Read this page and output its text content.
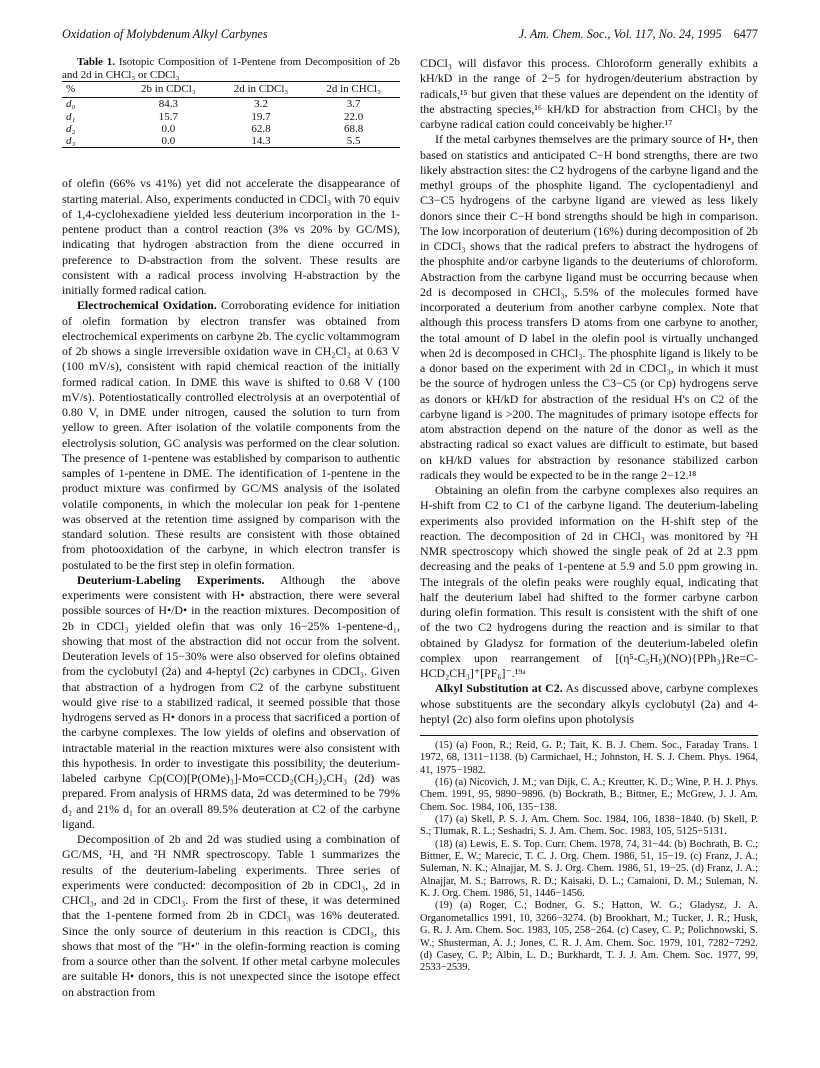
Oxidation of Molybdenum Alkyl Carbynes	J. Am. Chem. Soc., Vol. 117, No. 24, 1995 6477

Table 1. Isotopic Composition of 1-Pentene from Decomposition of 2b and 2d in CHCl₃ or CDCl₃

%	2b in CDCl₃	2d in CDCl₃	2d in CHCl₃
d₀	84.3	3.2	3.7
d₁	15.7	19.7	22.0
d₂	0.0	62.8	68.8
d₃	0.0	14.3	5.5

of olefin (66% vs 41%) yet did not accelerate the disappearance of starting material. Also, experiments conducted in CDCl₃ with 70 equiv of 1,4-cyclohexadiene yielded less deuterium incorporation in the 1-pentene product than a control reaction (3% vs 20% by GC/MS), indicating that hydrogen abstraction from the diene occurred in preference to D-abstraction from the solvent. These results are consistent with a radical process involving H-abstraction by the initially formed radical cation.

Electrochemical Oxidation. Corroborating evidence for initiation of olefin formation by electron transfer was obtained from electrochemical experiments on carbyne 2b. The cyclic voltammogram of 2b shows a single irreversible oxidation wave in CH₂Cl₂ at 0.63 V (100 mV/s), consistent with rapid chemical reaction of the initially formed radical cation. In DME this wave is shifted to 0.68 V (100 mV/s). Potentiostatically controlled electrolysis at an overpotential of 0.80 V, in DME under nitrogen, caused the solution to turn from yellow to green. After isolation of the volatile components from the electrolysis solution, GC analysis was performed on the clear solution. The presence of 1-pentene was established by comparison to authentic samples of 1-pentene in DME. The identification of 1-pentene in the product mixture was confirmed by GC/MS analysis of the isolated volatile components, in which the molecular ion peak for 1-pentene was observed at the retention time assigned by comparison with the standard solution. These results are consistent with those obtained from photooxidation of the carbyne, in which electron transfer is postulated to be the first step in olefin formation.

Deuterium-Labeling Experiments. Although the above experiments were consistent with H• abstraction, there were several possible sources of H•/D• in the reaction mixtures. Decomposition of 2b in CDCl₃ yielded olefin that was only 16−25% 1-pentene-d₁, showing that most of the abstraction did not occur from the solvent. Deuteration levels of 15−30% were also observed for olefins obtained from the cyclobutyl (2a) and 4-heptyl (2c) carbynes in CDCl₃. Given that abstraction of a hydrogen from C2 of the carbyne substituent would give rise to a stabilized radical, it seemed possible that those hydrogens served as H• donors in a process that sacrificed a portion of the carbyne complexes. The low yields of olefins and observation of intractable material in the reaction mixtures were also consistent with this hypothesis. In order to investigate this possibility, the deuterium-labeled carbyne Cp(CO)[P(OMe)₃]-Mo≡CCD₂(CH₂)₂CH₃ (2d) was prepared. From analysis of HRMS data, 2d was determined to be 79% d₂ and 21% d₁ for an overall 89.5% deuteration at C2 of the carbyne ligand.

Decomposition of 2b and 2d was studied using a combination of GC/MS, ¹H, and ²H NMR spectroscopy. Table 1 summarizes the results of the deuterium-labeling experiments. Three series of experiments were conducted: decomposition of 2b in CDCl₃, 2d in CHCl₃, and 2d in CDCl₃. From the first of these, it was determined that the 1-pentene formed from 2b in CDCl₃ was 16% deuterated. Since the only source of deuterium in this reaction is CDCl₃, this shows that most of the "H•" in the olefin-forming reaction is coming from a source other than the solvent. If other metal carbyne molecules are suitable H• donors, this is not unexpected since the isotope effect on abstraction from

CDCl₃ will disfavor this process. Chloroform generally exhibits a kH/kD in the range of 2−5 for hydrogen/deuterium abstraction by radicals,¹⁵ but given that these values are dependent on the identity of the abstracting species,¹⁶ kH/kD for abstraction from CHCl₃ by the carbyne radical cation could conceivably be higher.¹⁷

If the metal carbynes themselves are the primary source of H•, then based on statistics and anticipated C−H bond strengths, there are two likely abstraction sites: the C2 hydrogens of the carbyne ligand and the methyl groups of the phosphite ligand. The cyclopentadienyl and C3−C5 hydrogens of the carbyne ligand are viewed as less likely donors since their C−H bond strengths should be high in comparison. The low incorporation of deuterium (16%) during decomposition of 2b in CDCl₃ shows that the radical prefers to abstract the hydrogens of the phosphite and/or carbyne ligands to the deuteriums of chloroform. Abstraction from the carbyne ligand must be occurring because when 2d is decomposed in CHCl₃, 5.5% of the molecules formed have incorporated a deuterium from another carbyne complex. Note that although this process transfers D atoms from one carbyne to another, the total amount of D label in the olefin pool is virtually unchanged when 2d is decomposed in CHCl₃. The phosphite ligand is likely to be a donor based on the experiment with 2d in CDCl₃, in which it must be the source of hydrogen unless the C3−C5 (or Cp) hydrogens serve as donors or kH/kD for abstraction of the residual H's on C2 of the carbyne ligand is >200. The magnitudes of primary isotope effects for atom abstraction depend on the nature of the donor as well as the abstracting radical so exact values are difficult to estimate, but based on kH/kD values for abstraction by resonance stabilized carbon radicals they would be expected to be in the range 2−12.¹⁸

Obtaining an olefin from the carbyne complexes also requires an H-shift from C2 to C1 of the carbyne ligand. The deuterium-labeling experiments also provided information on the H-shift step of the reaction. The decomposition of 2d in CHCl₃ was monitored by ²H NMR spectroscopy which showed the single peak of 2d at 2.3 ppm decreasing and the peaks of 1-pentene at 5.9 and 5.0 ppm growing in. The integrals of the olefin peaks were roughly equal, indicating that half the deuterium label had shifted to the former carbyne carbon during olefin formation. This result is consistent with the shift of one of the two C2 hydrogens during the reaction and is similar to that obtained by Gladysz for formation of the deuterium-labeled olefin complex upon rearrangement of [(η⁵-C₅H₅)(NO){PPh₃}Re=C-HCD₂CH₃]⁺[PF₆]⁻.¹⁹ᵃ

Alkyl Substitution at C2. As discussed above, carbyne complexes whose substituents are the secondary alkyls cyclobutyl (2a) and 4-heptyl (2c) also form olefins upon photolysis

(15) (a) Foon, R.; Reid, G. P.; Tait, K. B. J. Chem. Soc., Faraday Trans. 1 1972, 68, 1311−1138. (b) Carmichael, H.; Johnston, H. S. J. Chem. Phys. 1964, 41, 1975−1982.

(16) (a) Nicovich, J. M.; van Dijk, C. A.; Kreutter, K. D.; Wine, P. H. J. Phys. Chem. 1991, 95, 9890−9896. (b) Bockrath, B.; Bittner, E.; McGrew, J. J. Am. Chem. Soc. 1984, 106, 135−138.

(17) (a) Skell, P. S. J. Am. Chem. Soc. 1984, 106, 1838−1840. (b) Skell, P. S.; Tlumak, R. L.; Seshadri, S. J. Am. Chem. Soc. 1983, 105, 5125−5131.

(18) (a) Lewis, E. S. Top. Curr. Chem. 1978, 74, 31−44. (b) Bochrath, B. C.; Bittner, E. W.; Marecic, T. C. J. Org. Chem. 1986, 51, 15−19. (c) Franz, J. A.; Suleman, N. K.; Alnajjar, M. S. J. Org. Chem. 1986, 51, 19−25. (d) Franz, J. A.; Alnajjar, M. S.; Barrows, R. D.; Kaisaki, D. L.; Camaioni, D. M.; Suleman, N. K. J. Org. Chem. 1986, 51, 1446−1456.

(19) (a) Roger, C.; Bodner, G. S.; Hatton, W. G.; Gladysz, J. A. Organometallics 1991, 10, 3266−3274. (b) Brookhart, M.; Tucker, J. R.; Husk, G. R. J. Am. Chem. Soc. 1983, 105, 258−264. (c) Casey, C. P.; Polichnowski, S. W.; Shusterman, A. J.; Jones, C. R. J. Am. Chem. Soc. 1979, 101, 7282−7292. (d) Casey, C. P.; Albin, L. D.; Burkhardt, T. J. J. Am. Chem. Soc. 1977, 99, 2533−2539.
